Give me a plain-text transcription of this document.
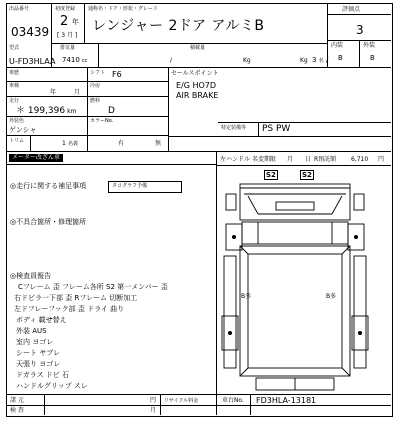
出品番号
03439
初度登録
2 年
[ 3 月 ]
通称名・ドア・形状・グレード
レンジャー 2ドア アルミB
評価点
3
内装	外装
B	B
排気量
7410 cc
積載量
/	Kg	Kg 3 名 /
型式
U-FD3HLAA
車歴	シフト F6
車検
年	月
冷房
走行
＊ 199,396 km
燃料
D
外装色
ゲンシャ
カラーNo.
トリム	1 名義	有	無
セールスポイント
E/G HO7D
AIR BRAKE
特定装備等 PS PW
メーター改ざん車
◎走行に関する補足事項	タコグラフ予備
◎不具合箇所・修理箇所
◎検査員報告
Cフレーム 歪 フレーム各所 S2 第一メンバー 歪
右ドビラ一下部 歪 Rフレーム 切断加工
左ドフレーフック部 歪 ドライ 曲り
ボディ 載せ替え
外装 AUS
室内 ヨゴレ
シート ヤブレ
天張り ヨゴレ
ドガラス ドビ 石
ハンドルグリップ スレ
左ハンドル 名変期限 月 日 R預託額 6,710 円
S2	S2
B多	B多
諸 元	円 リサイクル料金	車台No. FD3HLA-13181
検 査	月
